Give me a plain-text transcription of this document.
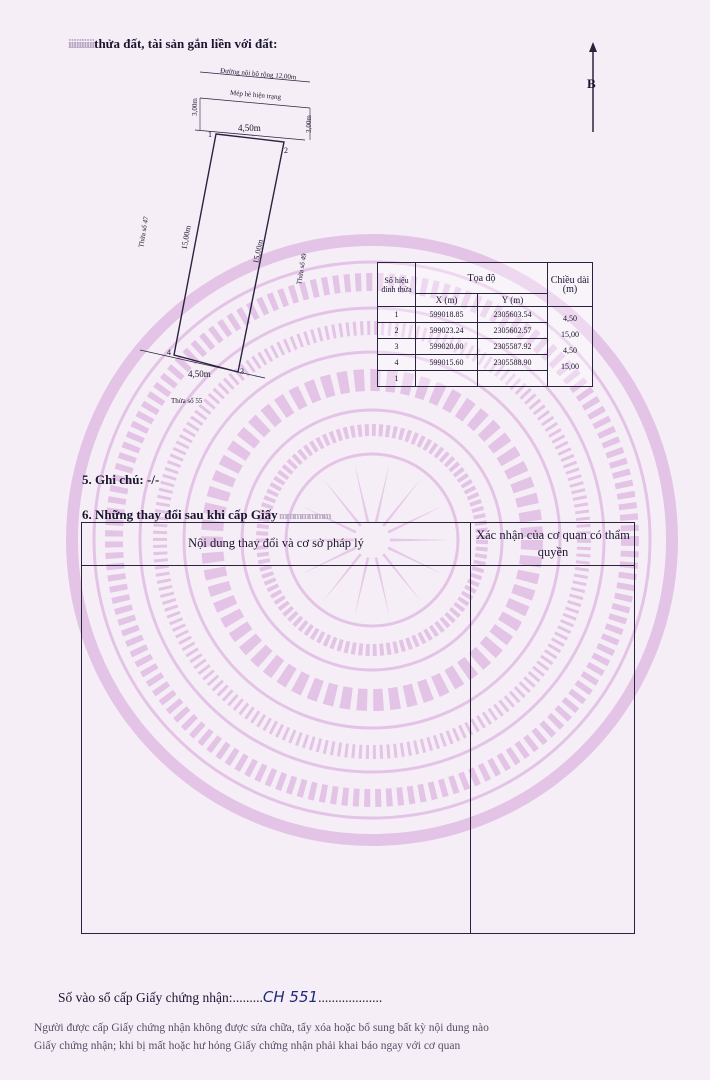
iiiiiiiiiithửa đất, tài sản gắn liền với đất:
Đường nội bộ rộng 12,00m
Mép hè hiện trạng
3,00m
3,00m
4,50m
15,00m
15,00m
Thửa số 47
Thửa số 49
4,50m
Thửa số 55
1
2
3
4
B
Số hiệu đỉnh thửa	Tọa độ		Chiều dài (m)
	X (m)	Y (m)	
1	599018.85	2305603.54	4,50
2	599023.24	2305602.57	15,00
3	599020.00	2305587.92	4,50
4	599015.60	2305588.90	15,00
1			
5. Ghi chú: -/-
6. Những thay đổi sau khi cấp Giấy mmmmmmm
Nội dung thay đổi và cơ sở pháp lý
Xác nhận của cơ quan có thẩm quyền
Số vào sổ cấp Giấy chứng nhận:.........CH 551...................
Người được cấp Giấy chứng nhận không được sửa chữa, tẩy xóa hoặc bổ sung bất kỳ nội dung nào
Giấy chứng nhận; khi bị mất hoặc hư hỏng Giấy chứng nhận phải khai báo ngay với cơ quan
